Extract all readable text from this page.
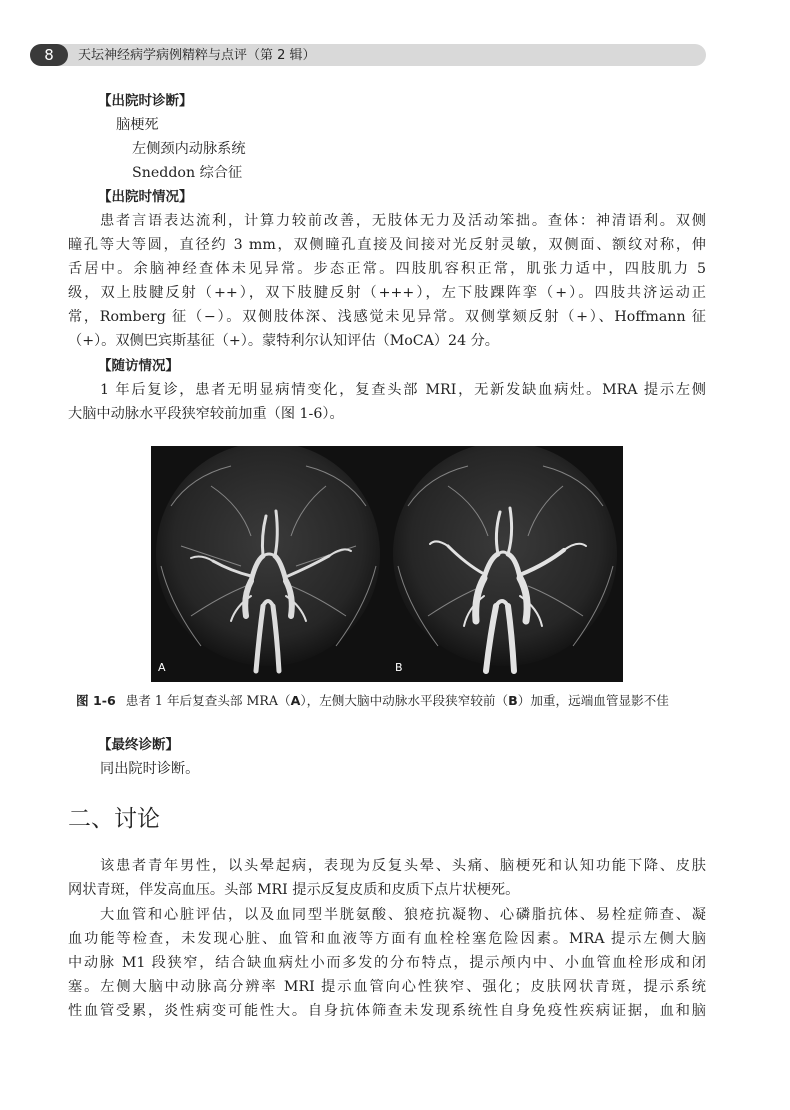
8	天坛神经病学病例精粹与点评（第 2 辑）
【出院时诊断】
脑梗死
左侧颈内动脉系统
Sneddon 综合征
【出院时情况】
患者言语表达流利，计算力较前改善，无肢体无力及活动笨拙。查体：神清语利。双侧
瞳孔等大等圆，直径约 3 mm，双侧瞳孔直接及间接对光反射灵敏，双侧面、额纹对称，伸
舌居中。余脑神经查体未见异常。步态正常。四肢肌容积正常，肌张力适中，四肢肌力 5
级，双上肢腱反射（++），双下肢腱反射（+++），左下肢踝阵挛（+）。四肢共济运动正
常，Romberg 征（−）。双侧肢体深、浅感觉未见异常。双侧掌颏反射（+）、Hoffmann 征
（+）。双侧巴宾斯基征（+）。蒙特利尔认知评估（MoCA）24 分。
【随访情况】
1 年后复诊，患者无明显病情变化，复查头部 MRI，无新发缺血病灶。MRA 提示左侧
大脑中动脉水平段狭窄较前加重（图 1-6）。
A	B
图 1-6 患者 1 年后复查头部 MRA（A），左侧大脑中动脉水平段狭窄较前（B）加重，远端血管显影不佳
【最终诊断】
同出院时诊断。
二、讨论
该患者青年男性，以头晕起病，表现为反复头晕、头痛、脑梗死和认知功能下降、皮肤
网状青斑，伴发高血压。头部 MRI 提示反复皮质和皮质下点片状梗死。
大血管和心脏评估，以及血同型半胱氨酸、狼疮抗凝物、心磷脂抗体、易栓症筛查、凝
血功能等检查，未发现心脏、血管和血液等方面有血栓栓塞危险因素。MRA 提示左侧大脑
中动脉 M1 段狭窄，结合缺血病灶小而多发的分布特点，提示颅内中、小血管血栓形成和闭
塞。左侧大脑中动脉高分辨率 MRI 提示血管向心性狭窄、强化；皮肤网状青斑，提示系统
性血管受累，炎性病变可能性大。自身抗体筛查未发现系统性自身免疫性疾病证据，血和脑
